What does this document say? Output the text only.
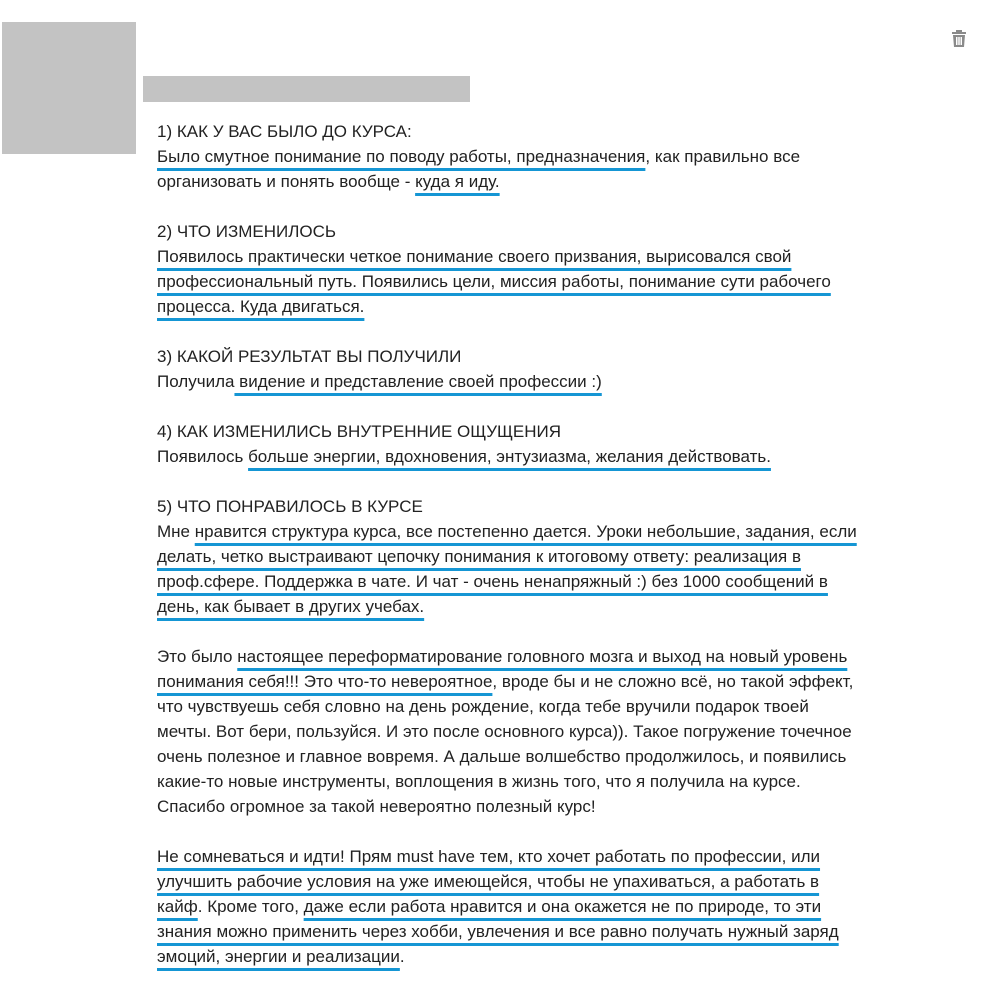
1) КАК У ВАС БЫЛО ДО КУРСА:
Было смутное понимание по поводу работы, предназначения, как правильно все
организовать и понять вообще - куда я иду.
2) ЧТО ИЗМЕНИЛОСЬ
Появилось практически четкое понимание своего призвания, вырисовался свой
профессиональный путь. Появились цели, миссия работы, понимание сути рабочего
процесса. Куда двигаться.
3) КАКОЙ РЕЗУЛЬТАТ ВЫ ПОЛУЧИЛИ
Получила видение и представление своей профессии :)
4) КАК ИЗМЕНИЛИСЬ ВНУТРЕННИЕ ОЩУЩЕНИЯ
Появилось больше энергии, вдохновения, энтузиазма, желания действовать.
5) ЧТО ПОНРАВИЛОСЬ В КУРСЕ
Мне нравится структура курса, все постепенно дается. Уроки небольшие, задания, если
делать, четко выстраивают цепочку понимания к итоговому ответу: реализация в
проф.сфере. Поддержка в чате. И чат - очень ненапряжный :) без 1000 сообщений в
день, как бывает в других учебах.
Это было настоящее переформатирование головного мозга и выход на новый уровень
понимания себя!!! Это что-то невероятное, вроде бы и не сложно всё, но такой эффект,
что чувствуешь себя словно на день рождение, когда тебе вручили подарок твоей
мечты. Вот бери, пользуйся. И это после основного курса)). Такое погружение точечное
очень полезное и главное вовремя. А дальше волшебство продолжилось, и появились
какие-то новые инструменты, воплощения в жизнь того, что я получила на курсе.
Спасибо огромное за такой невероятно полезный курс!
Не сомневаться и идти! Прям must have тем, кто хочет работать по профессии, или
улучшить рабочие условия на уже имеющейся, чтобы не упахиваться, а работать в
кайф. Кроме того, даже если работа нравится и она окажется не по природе, то эти
знания можно применить через хобби, увлечения и все равно получать нужный заряд
эмоций, энергии и реализации.
